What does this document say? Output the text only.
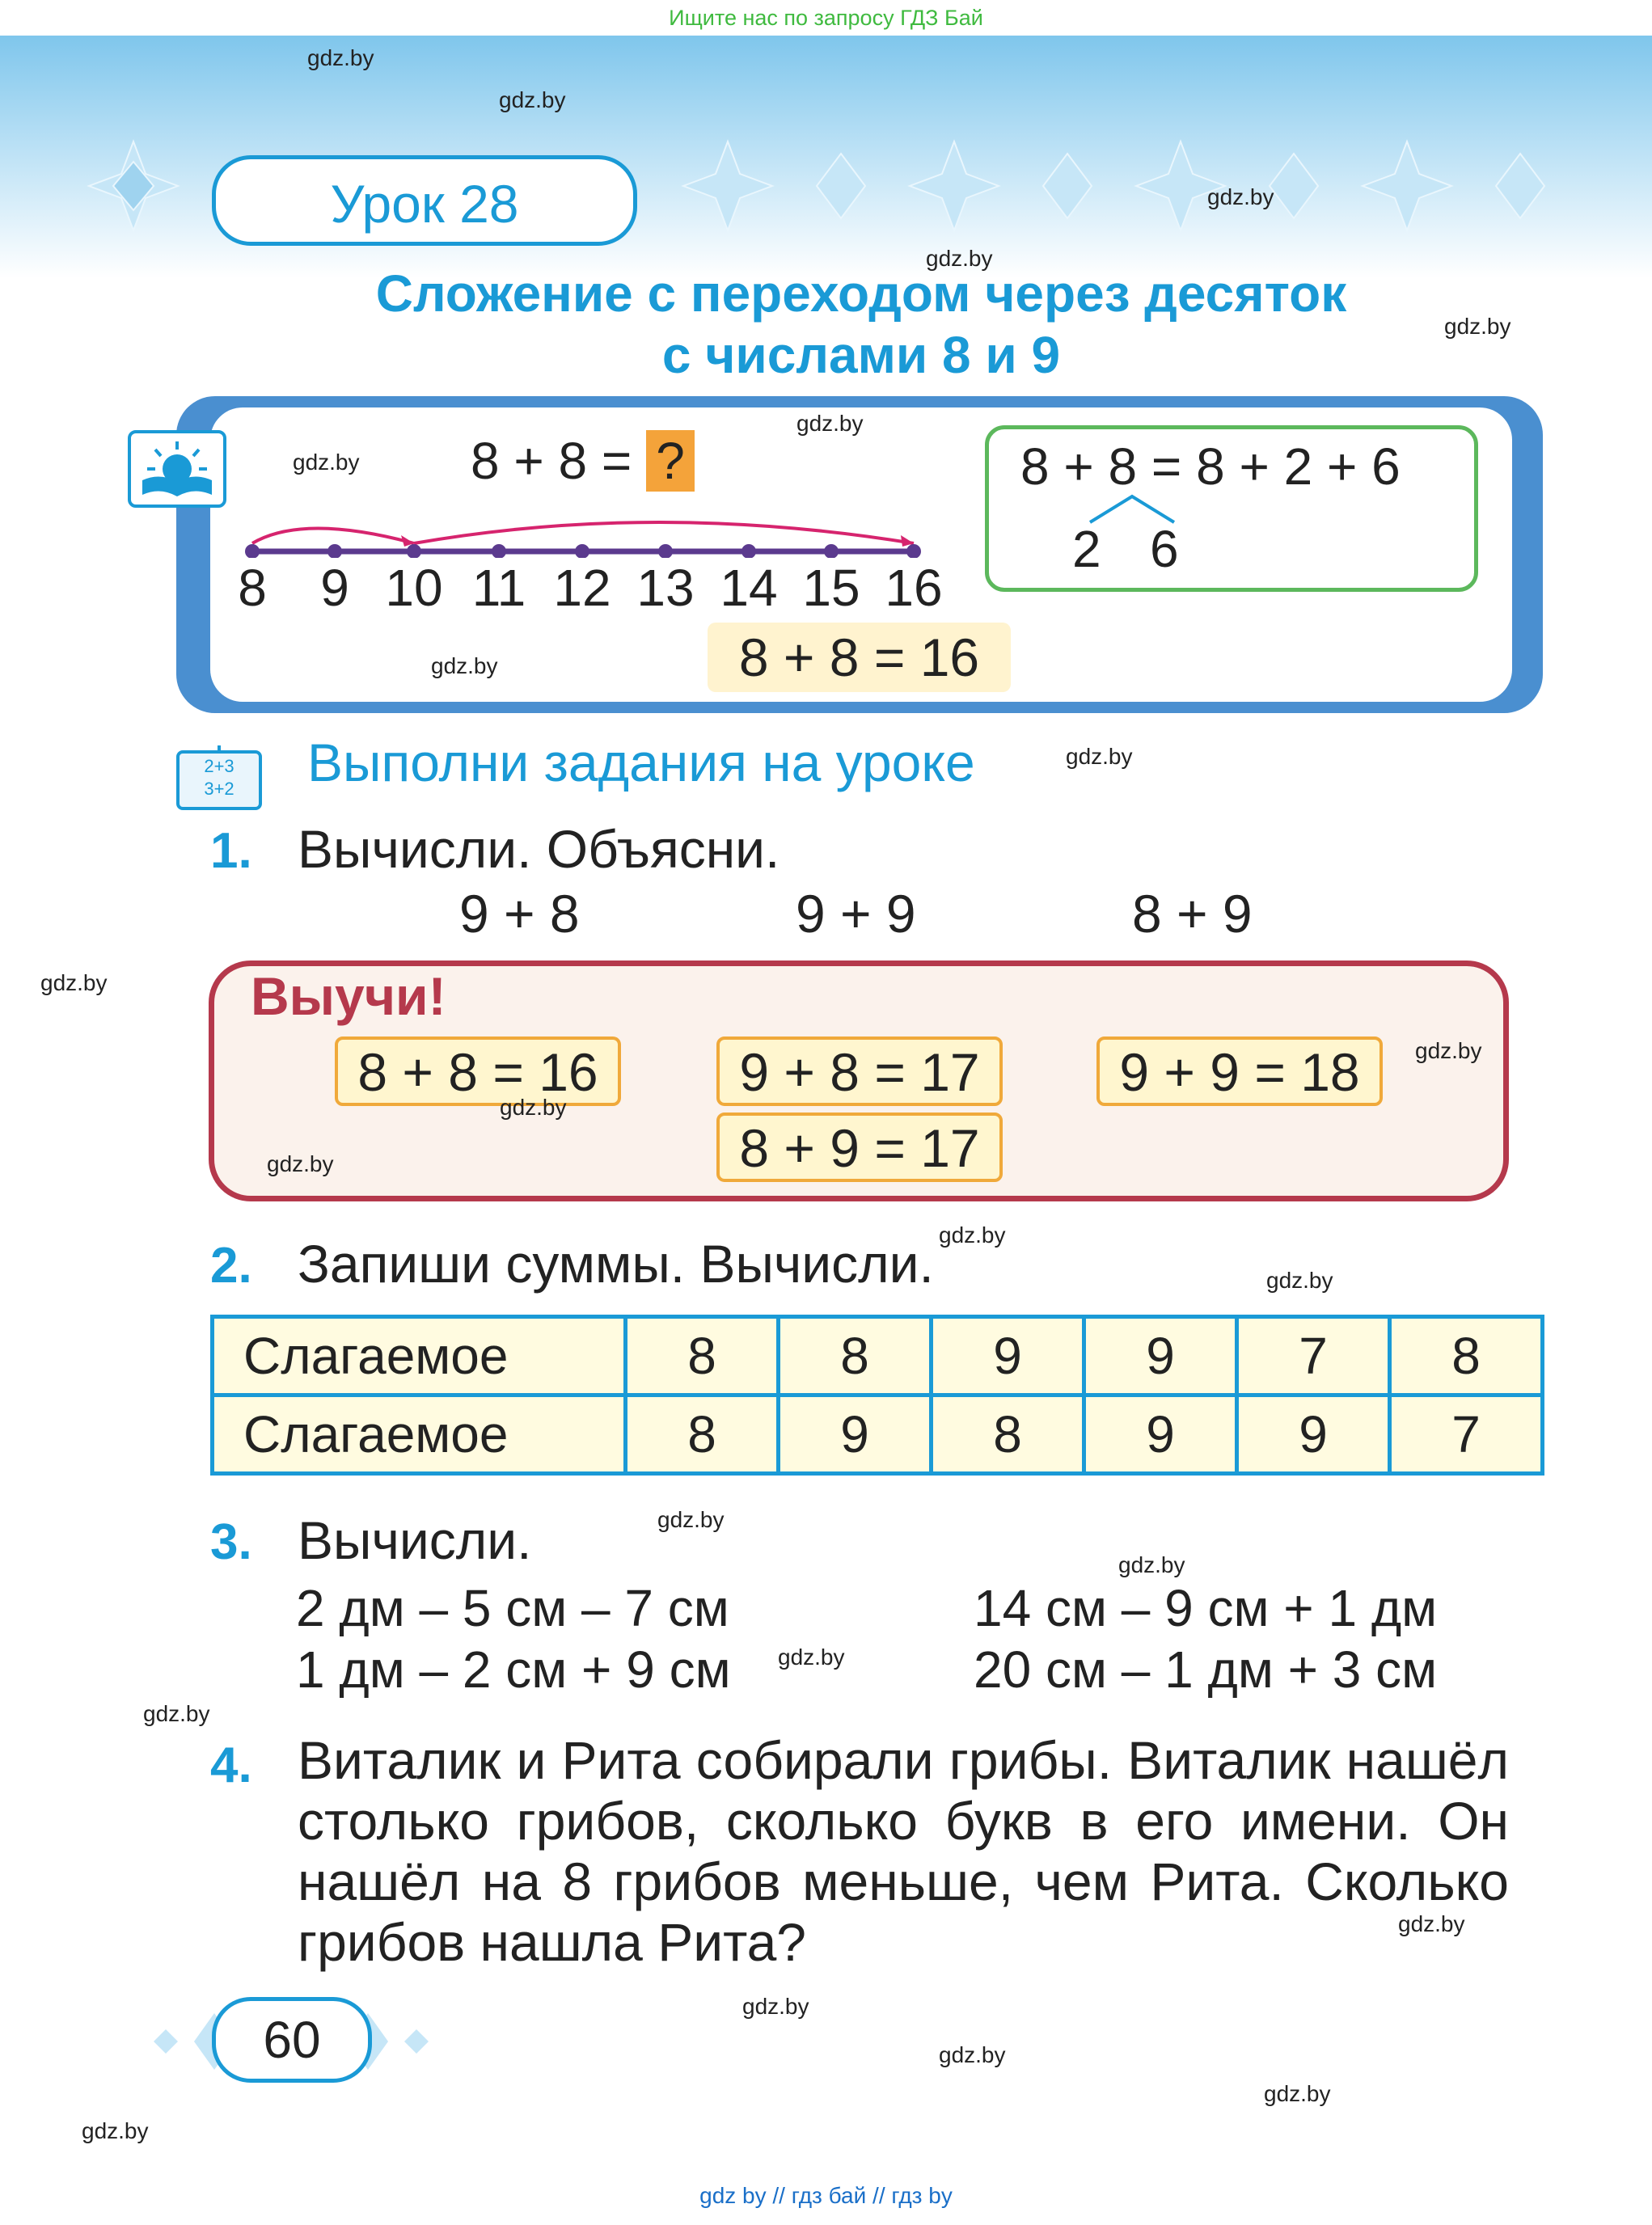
Ищите нас по запросу ГДЗ Бай
Урок 28
Сложение с переходом через десяток
с числами 8 и 9
8 + 8 = ?
8	9 10 11 12 13 14 15 16
8 + 8 = 16
8 + 8 = 8 + 2 + 6
2 6
2+3
3+2	Выполни задания на уроке
1. Вычисли. Объясни.
9 + 8	9 + 9	8 + 9
Выучи!
8 + 8 = 16	9 + 8 = 17	9 + 9 = 18
8 + 9 = 17
2. Запиши суммы. Вычисли.
Слагаемое	8	8	9	9	7	8
Слагаемое	8	9	8	9	9	7
3. Вычисли.
2 дм – 5 см – 7 см
1 дм – 2 см + 9 см
14 см – 9 см + 1 дм
20 см – 1 дм + 3 см
4. Виталик и Рита собирали грибы. Виталик нашёл столько грибов, сколько букв в его имени. Он нашёл на 8 грибов меньше, чем Рита. Сколько грибов нашла Рита?
60
gdz.by
gdz.by
gdz.by
gdz.by
gdz.by
gdz.by
gdz.by
gdz.by
gdz.by
gdz.by
gdz.by
gdz.by
gdz.by
gdz.by
gdz.by
gdz.by
gdz.by
gdz.by
gdz.by
gdz.by
gdz.by
gdz.by
gdz.by
gdz.by
gdz by // гдз бай // гдз by
